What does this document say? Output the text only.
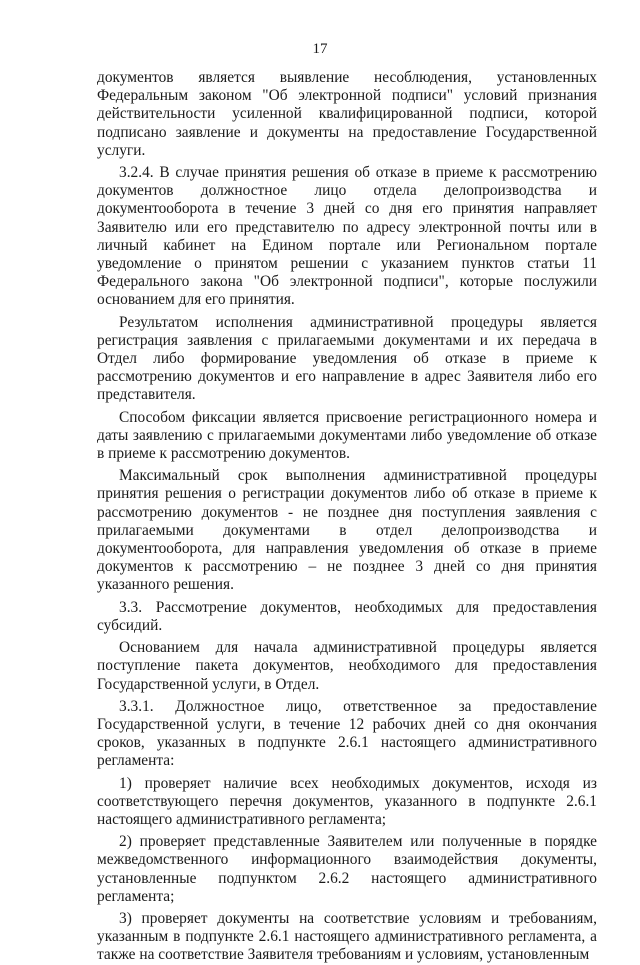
17

документов является выявление несоблюдения, установленных Федеральным законом "Об электронной подписи" условий признания действительности усиленной квалифицированной подписи, которой подписано заявление и документы на предоставление Государственной услуги.

3.2.4. В случае принятия решения об отказе в приеме к рассмотрению документов должностное лицо отдела делопроизводства и документооборота в течение 3 дней со дня его принятия направляет Заявителю или его представителю по адресу электронной почты или в личный кабинет на Едином портале или Региональном портале уведомление о принятом решении с указанием пунктов статьи 11 Федерального закона "Об электронной подписи", которые послужили основанием для его принятия.

Результатом исполнения административной процедуры является регистрация заявления с прилагаемыми документами и их передача в Отдел либо формирование уведомления об отказе в приеме к рассмотрению документов и его направление в адрес Заявителя либо его представителя.

Способом фиксации является присвоение регистрационного номера и даты заявлению с прилагаемыми документами либо уведомление об отказе в приеме к рассмотрению документов.

Максимальный срок выполнения административной процедуры принятия решения о регистрации документов либо об отказе в приеме к рассмотрению документов - не позднее дня поступления заявления с прилагаемыми документами в отдел делопроизводства и документооборота, для направления уведомления об отказе в приеме документов к рассмотрению – не позднее 3 дней со дня принятия указанного решения.

3.3. Рассмотрение документов, необходимых для предоставления субсидий.

Основанием для начала административной процедуры является поступление пакета документов, необходимого для предоставления Государственной услуги, в Отдел.

3.3.1. Должностное лицо, ответственное за предоставление Государственной услуги, в течение 12 рабочих дней со дня окончания сроков, указанных в подпункте 2.6.1 настоящего административного регламента:

1) проверяет наличие всех необходимых документов, исходя из соответствующего перечня документов, указанного в подпункте 2.6.1 настоящего административного регламента;

2) проверяет представленные Заявителем или полученные в порядке межведомственного информационного взаимодействия документы, установленные подпунктом 2.6.2 настоящего административного регламента;

3) проверяет документы на соответствие условиям и требованиям, указанным в подпункте 2.6.1 настоящего административного регламента, а также на соответствие Заявителя требованиям и условиям, установленным
